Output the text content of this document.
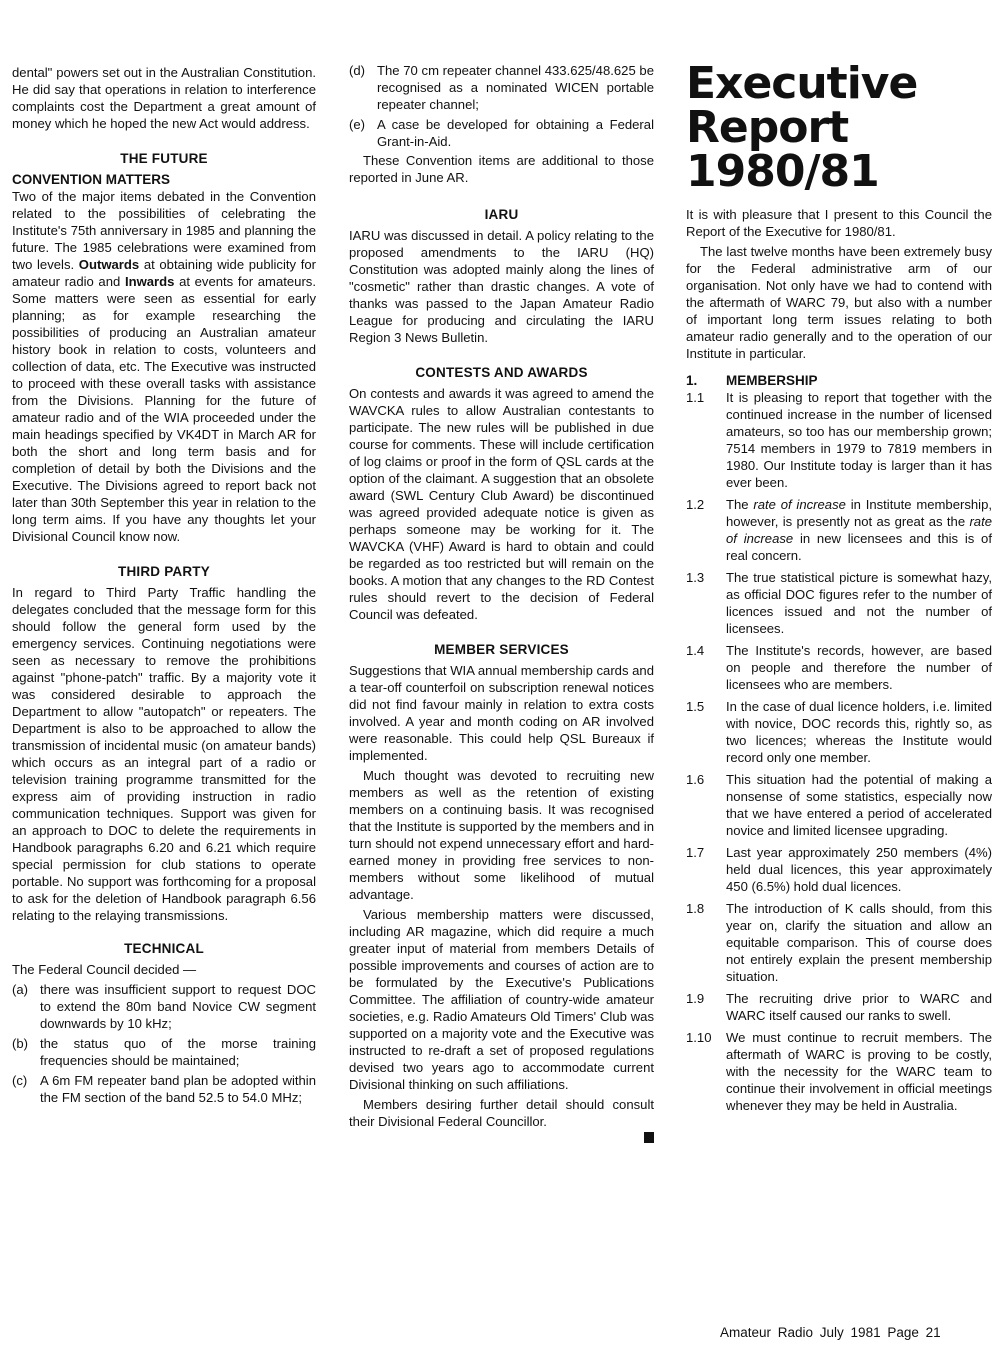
dental" powers set out in the Australian Constitution. He did say that operations in relation to interference complaints cost the Department a great amount of money which he hoped the new Act would address.

THE FUTURE
CONVENTION MATTERS

Two of the major items debated in the Convention related to the possibilities of celebrating the Institute's 75th anniversary in 1985 and planning the future. The 1985 celebrations were examined from two levels. Outwards at obtaining wide publicity for amateur radio and Inwards at events for amateurs. Some matters were seen as essential for early planning; as for example researching the possibilities of producing an Australian amateur history book in relation to costs, volunteers and collection of data, etc. The Executive was instructed to proceed with these overall tasks with assistance from the Divisions. Planning for the future of amateur radio and of the WIA proceeded under the main headings specified by VK4DT in March AR for both the short and long term basis and for completion of detail by both the Divisions and the Executive. The Divisions agreed to report back not later than 30th September this year in relation to the long term aims. If you have any thoughts let your Divisional Council know now.

THIRD PARTY

In regard to Third Party Traffic handling the delegates concluded that the message form for this should follow the general form used by the emergency services. Continuing negotiations were seen as necessary to remove the prohibitions against "phone-patch" traffic. By a majority vote it was considered desirable to approach the Department to allow "autopatch" or repeaters. The Department is also to be approached to allow the transmission of incidental music (on amateur bands) which occurs as an integral part of a radio or television training programme transmitted for the express aim of providing instruction in radio communication techniques. Support was given for an approach to DOC to delete the requirements in Handbook paragraphs 6.20 and 6.21 which require special permission for club stations to operate portable. No support was forthcoming for a proposal to ask for the deletion of Handbook paragraph 6.56 relating to the relaying transmissions.

TECHNICAL

The Federal Council decided —

(a) there was insufficient support to request DOC to extend the 80m band Novice CW segment downwards by 10 kHz;
(b) the status quo of the morse training frequencies should be maintained;
(c) A 6m FM repeater band plan be adopted within the FM section of the band 52.5 to 54.0 MHz;
(d) The 70 cm repeater channel 433.625/48.625 be recognised as a nominated WICEN portable repeater channel;
(e) A case be developed for obtaining a Federal Grant-in-Aid.

These Convention items are additional to those reported in June AR.

IARU

IARU was discussed in detail. A policy relating to the proposed amendments to the IARU (HQ) Constitution was adopted mainly along the lines of "cosmetic" rather than drastic changes. A vote of thanks was passed to the Japan Amateur Radio League for producing and circulating the IARU Region 3 News Bulletin.

CONTESTS AND AWARDS

On contests and awards it was agreed to amend the WAVCKA rules to allow Australian contestants to participate. The new rules will be published in due course for comments. These will include certification of log claims or proof in the form of QSL cards at the option of the claimant. A suggestion that an obsolete award (SWL Century Club Award) be discontinued was agreed provided adequate notice is given as perhaps someone may be working for it. The WAVCKA (VHF) Award is hard to obtain and could be regarded as too restricted but will remain on the books. A motion that any changes to the RD Contest rules should revert to the decision of Federal Council was defeated.

MEMBER SERVICES

Suggestions that WIA annual membership cards and a tear-off counterfoil on subscription renewal notices did not find favour mainly in relation to extra costs involved. A year and month coding on AR involved were reasonable. This could help QSL Bureaux if implemented.

Much thought was devoted to recruiting new members as well as the retention of existing members on a continuing basis. It was recognised that the Institute is supported by the members and in turn should not expend unnecessary effort and hard-earned money in providing free services to non-members without some likelihood of mutual advantage.

Various membership matters were discussed, including AR magazine, which did require a much greater input of material from members Details of possible improvements and courses of action are to be formulated by the Executive's Publications Committee. The affiliation of country-wide amateur societies, e.g. Radio Amateurs Old Timers' Club was supported on a majority vote and the Executive was instructed to re-draft a set of proposed regulations devised two years ago to accommodate current Divisional thinking on such affiliations.

Members desiring further detail should consult their Divisional Federal Councillor.

Executive
Report
1980/81

It is with pleasure that I present to this Council the Report of the Executive for 1980/81.

The last twelve months have been extremely busy for the Federal administrative arm of our organisation. Not only have we had to contend with the aftermath of WARC 79, but also with a number of important long term issues relating to both amateur radio generally and to the operation of our Institute in particular.

1.	MEMBERSHIP
1.1	It is pleasing to report that together with the continued increase in the number of licensed amateurs, so too has our membership grown; 7514 members in 1979 to 7819 members in 1980. Our Institute today is larger than it has ever been.
1.2	The rate of increase in Institute membership, however, is presently not as great as the rate of increase in new licensees and this is of real concern.
1.3	The true statistical picture is somewhat hazy, as official DOC figures refer to the number of licences issued and not the number of licensees.
1.4	The Institute's records, however, are based on people and therefore the number of licensees who are members.
1.5	In the case of dual licence holders, i.e. limited with novice, DOC records this, rightly so, as two licences; whereas the Institute would record only one member.
1.6	This situation had the potential of making a nonsense of some statistics, especially now that we have entered a period of accelerated novice and limited licensee upgrading.
1.7	Last year approximately 250 members (4%) held dual licences, this year approximately 450 (6.5%) hold dual licences.
1.8	The introduction of K calls should, from this year on, clarify the situation and allow an equitable comparison. This of course does not entirely explain the present membership situation.
1.9	The recruiting drive prior to WARC and WARC itself caused our ranks to swell.
1.10	We must continue to recruit members. The aftermath of WARC is proving to be costly, with the necessity for the WARC team to continue their involvement in official meetings whenever they may be held in Australia.
Amateur Radio July 1981 Page 21
